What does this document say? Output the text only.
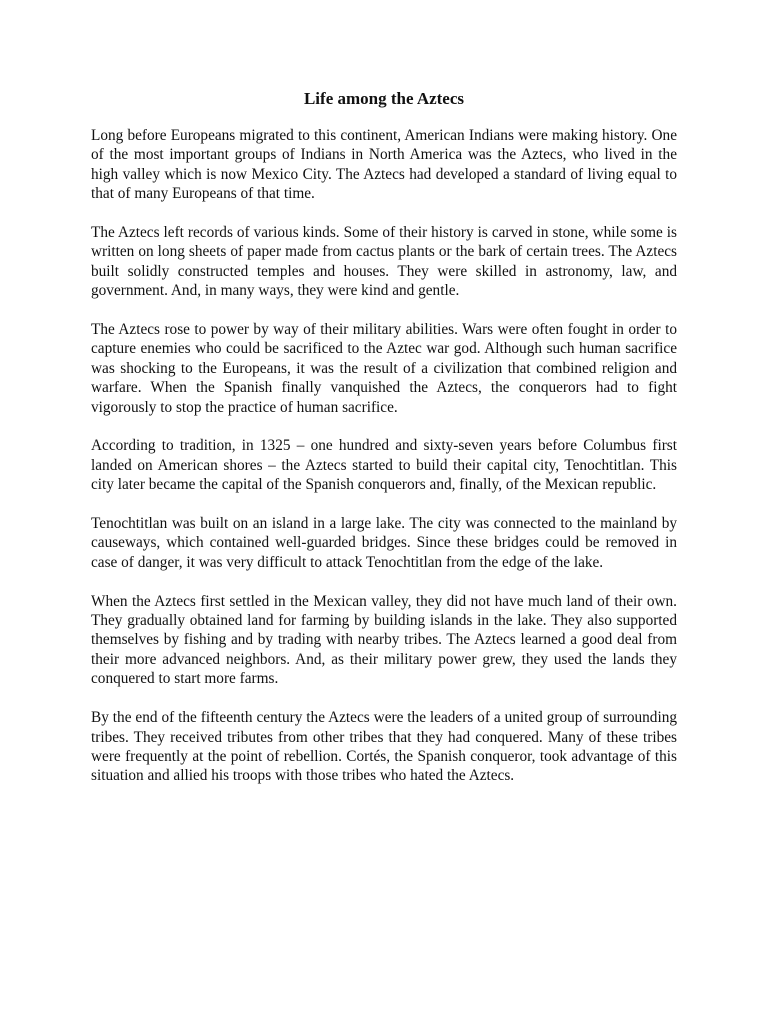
Life among the Aztecs

Long before Europeans migrated to this continent, American Indians were making history. One of the most important groups of Indians in North America was the Aztecs, who lived in the high valley which is now Mexico City. The Aztecs had developed a standard of living equal to that of many Europeans of that time.

The Aztecs left records of various kinds. Some of their history is carved in stone, while some is written on long sheets of paper made from cactus plants or the bark of certain trees. The Aztecs built solidly constructed temples and houses. They were skilled in astronomy, law, and government. And, in many ways, they were kind and gentle.

The Aztecs rose to power by way of their military abilities. Wars were often fought in order to capture enemies who could be sacrificed to the Aztec war god. Although such human sacrifice was shocking to the Europeans, it was the result of a civilization that combined religion and warfare. When the Spanish finally vanquished the Aztecs, the conquerors had to fight vigorously to stop the practice of human sacrifice.

According to tradition, in 1325 – one hundred and sixty-seven years before Columbus first landed on American shores – the Aztecs started to build their capital city, Tenochtitlan. This city later became the capital of the Spanish conquerors and, finally, of the Mexican republic.

Tenochtitlan was built on an island in a large lake. The city was connected to the mainland by causeways, which contained well-guarded bridges. Since these bridges could be removed in case of danger, it was very difficult to attack Tenochtitlan from the edge of the lake.

When the Aztecs first settled in the Mexican valley, they did not have much land of their own. They gradually obtained land for farming by building islands in the lake. They also supported themselves by fishing and by trading with nearby tribes. The Aztecs learned a good deal from their more advanced neighbors. And, as their military power grew, they used the lands they conquered to start more farms.

By the end of the fifteenth century the Aztecs were the leaders of a united group of surrounding tribes. They received tributes from other tribes that they had conquered. Many of these tribes were frequently at the point of rebellion. Cortés, the Spanish conqueror, took advantage of this situation and allied his troops with those tribes who hated the Aztecs.
